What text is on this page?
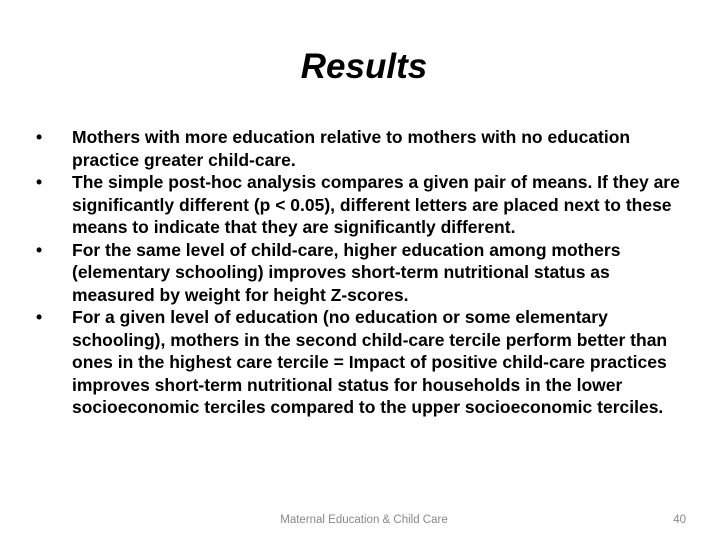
Results
•	Mothers with more education relative to mothers with no education practice greater child-care.
•	The simple post-hoc analysis compares a given pair of means. If they are significantly different (p < 0.05), different letters are placed next to these means to indicate that they are significantly different.
•	For the same level of child-care, higher education among mothers (elementary schooling) improves short-term nutritional status as measured by weight for height Z-scores.
•	For a given level of education (no education or some elementary schooling), mothers in the second child-care tercile perform better than ones in the highest care tercile = Impact of positive child-care practices improves short-term nutritional status for households in the lower socioeconomic terciles compared to the upper socioeconomic terciles.
Maternal Education & Child Care	40
